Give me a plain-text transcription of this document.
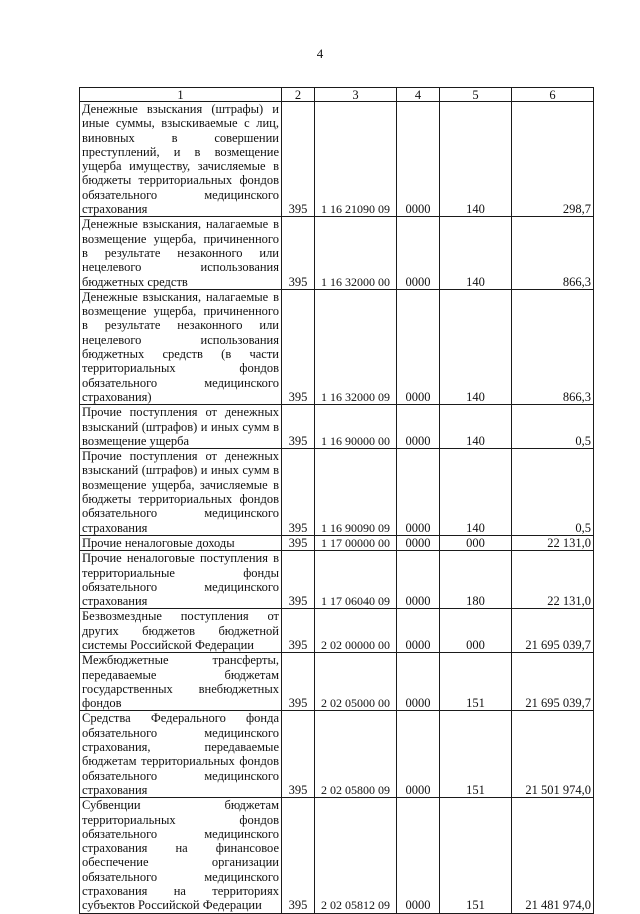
4
1	2	3	4	5	6
Денежные взыскания (штрафы) и иные суммы, взыскиваемые с лиц, виновных в совершении преступлений, и в возмещение ущерба имуществу, зачисляемые в бюджеты территориальных фондов обязательного медицинского страхования	395	1 16 21090 09	0000	140	298,7
Денежные взыскания, налагаемые в возмещение ущерба, причиненного в результате незаконного или нецелевого использования бюджетных средств	395	1 16 32000 00	0000	140	866,3
Денежные взыскания, налагаемые в возмещение ущерба, причиненного в результате незаконного или нецелевого использования бюджетных средств (в части территориальных фондов обязательного медицинского страхования)	395	1 16 32000 09	0000	140	866,3
Прочие поступления от денежных взысканий (штрафов) и иных сумм в возмещение ущерба	395	1 16 90000 00	0000	140	0,5
Прочие поступления от денежных взысканий (штрафов) и иных сумм в возмещение ущерба, зачисляемые в бюджеты территориальных фондов обязательного медицинского страхования	395	1 16 90090 09	0000	140	0,5
Прочие неналоговые доходы	395	1 17 00000 00	0000	000	22 131,0
Прочие неналоговые поступления в территориальные фонды обязательного медицинского страхования	395	1 17 06040 09	0000	180	22 131,0
Безвозмездные поступления от других бюджетов бюджетной системы Российской Федерации	395	2 02 00000 00	0000	000	21 695 039,7
Межбюджетные трансферты, передаваемые бюджетам государственных внебюджетных фондов	395	2 02 05000 00	0000	151	21 695 039,7
Средства Федерального фонда обязательного медицинского страхования, передаваемые бюджетам территориальных фондов обязательного медицинского страхования	395	2 02 05800 09	0000	151	21 501 974,0
Субвенции бюджетам территориальных фондов обязательного медицинского страхования на финансовое обеспечение организации обязательного медицинского страхования на территориях субъектов Российской Федерации	395	2 02 05812 09	0000	151	21 481 974,0
